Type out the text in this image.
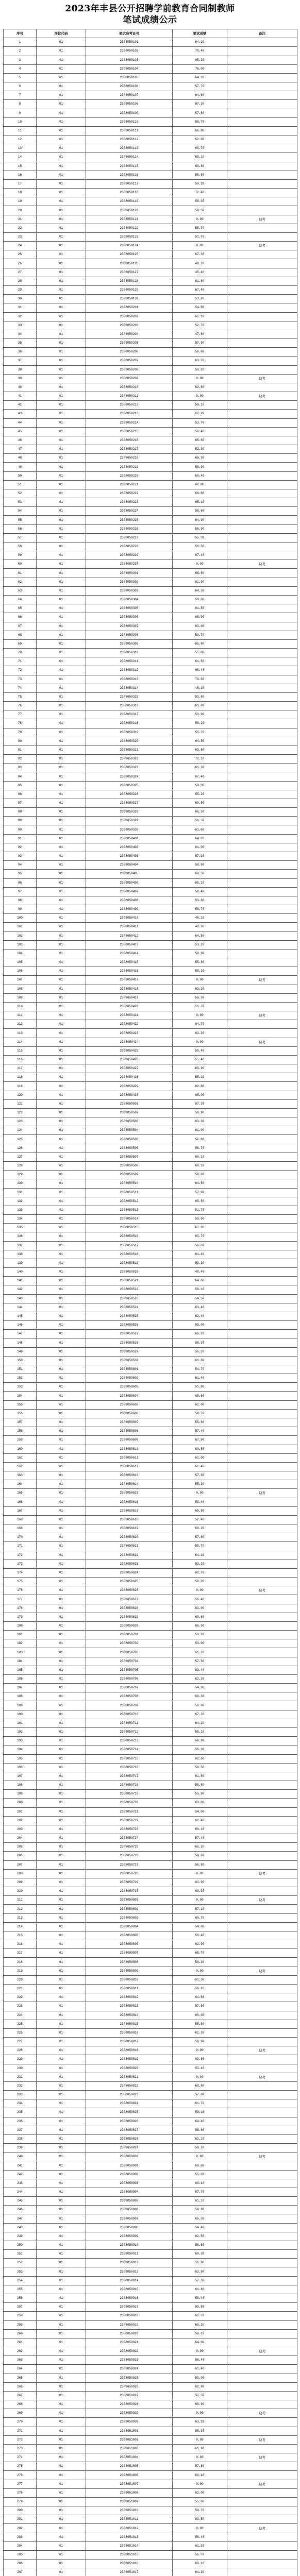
2023年丰县公开招聘学前教育合同制教师
笔试成绩公示
序号	岗位代码	笔试准考证号	笔试成绩	备注
1	01	2308050101	64.20	
2	01	2308050102	70.40	
3	01	2308050103	65.20	
4	01	2308050104	76.00	
5	01	2308050105	64.20	
6	01	2308050106	57.70	
7	01	2308050107	64.60	
8	01	2308050108	67.30	
9	01	2308050109	57.80	
10	01	2308050110	59.70	
11	01	2308050111	66.80	
12	01	2308050112	62.00	
13	01	2308050113	60.70	
14	01	2308050114	69.10	
15	01	2308050115	60.80	
16	01	2308050116	55.50	
17	01	2308050117	59.20	
18	01	2308050118	72.40	
19	01	2308050119	58.30	
20	01	2308050120	59.50	
21	01	2308050121	0.00	缺考
22	01	2308050122	55.70	
23	01	2308050123	51.70	
24	01	2308050124	0.00	缺考
25	01	2308050125	67.30	
26	01	2308050126	49.20	
27	01	2308050127	45.40	
28	01	2308050128	61.60	
29	01	2308050129	67.40	
30	01	2308050130	53.20	
31	01	2308050201	54.80	
32	01	2308050202	62.10	
33	01	2308050203	52.70	
34	01	2308050204	47.60	
35	01	2308050205	57.90	
36	01	2308050206	56.80	
37	01	2308050207	63.70	
38	01	2308050208	58.20	
39	01	2308050209	0.00	缺考
40	01	2308050210	62.80	
41	01	2308050211	0.00	缺考
42	01	2308050212	59.10	
43	01	2308050213	62.20	
44	01	2308050214	53.70	
45	01	2308050215	59.40	
46	01	2308050216	65.60	
47	01	2308050217	52.30	
48	01	2308050218	66.30	
49	01	2308050219	56.90	
50	01	2308050220	60.40	
51	01	2308050221	62.80	
52	01	2308050222	60.80	
53	01	2308050223	65.10	
54	01	2308050224	58.60	
55	01	2308050225	64.90	
56	01	2308050226	56.90	
57	01	2308050227	55.30	
58	01	2308050228	58.50	
59	01	2308050229	67.40	
60	01	2308050230	0.00	缺考
61	01	2308050301	66.80	
62	01	2308050302	61.90	
63	01	2308050303	64.30	
64	01	2308050304	58.60	
65	01	2308050305	61.50	
66	01	2308050306	68.90	
67	01	2308050307	63.00	
68	01	2308050308	59.70	
69	01	2308050309	65.80	
70	01	2308050310	55.80	
71	01	2308050311	61.50	
72	01	2308050312	66.40	
73	01	2308050313	70.60	
74	01	2308050314	48.20	
75	01	2308050315	53.80	
76	01	2308050316	61.80	
77	01	2308050317	53.90	
78	01	2308050318	56.20	
79	01	2308050319	55.70	
80	01	2308050320	64.50	
81	01	2308050321	63.60	
82	01	2308050322	72.10	
83	01	2308050323	61.30	
84	01	2308050324	67.40	
85	01	2308050325	59.30	
86	01	2308050326	55.20	
87	01	2308050327	60.50	
88	01	2308050328	66.30	
89	01	2308050329	56.50	
90	01	2308050330	61.60	
91	01	2308050401	64.20	
92	01	2308050402	61.00	
93	01	2308050403	57.20	
94	01	2308050404	58.90	
95	01	2308050405	60.50	
96	01	2308050406	65.10	
97	01	2308050407	59.40	
98	01	2308050408	53.60	
99	01	2308050409	59.70	
100	01	2308050410	48.10	
101	01	2308050411	48.80	
102	01	2308050412	64.50	
103	01	2308050413	53.20	
104	01	2308050414	59.90	
105	01	2308050415	55.80	
106	01	2308050416	59.20	
107	01	2308050417	0.00	缺考
108	01	2308050418	63.20	
109	01	2308050419	56.30	
110	01	2308050420	51.70	
111	01	2308050421	0.00	缺考
112	01	2308050422	64.70	
113	01	2308050423	62.20	
114	01	2308050424	0.00	缺考
115	01	2308050425	59.40	
116	01	2308050426	55.40	
117	01	2308050427	60.90	
118	01	2308050428	55.10	
119	01	2308050429	62.80	
120	01	2308050430	65.00	
121	01	2308050501	57.30	
122	01	2308050502	59.90	
123	01	2308050503	63.30	
124	01	2308050504	61.00	
125	01	2308050505	52.80	
126	01	2308050506	56.70	
127	01	2308050507	60.10	
128	01	2308050508	68.10	
129	01	2308050509	59.80	
130	01	2308050510	64.50	
131	01	2308050511	57.90	
132	01	2308050512	65.50	
133	01	2308050513	51.70	
134	01	2308050514	58.60	
135	01	2308050515	67.80	
136	01	2308050516	63.70	
137	01	2308050517	56.60	
138	01	2308050518	61.40	
139	01	2308050519	53.30	
140	01	2308050520	48.40	
141	01	2308050521	64.60	
142	01	2308050522	58.10	
143	01	2308050523	54.50	
144	01	2308050524	63.40	
145	01	2308050525	62.40	
146	01	2308050526	59.00	
147	01	2308050527	66.10	
148	01	2308050528	58.30	
149	01	2308050529	56.20	
150	01	2308050530	61.80	
151	01	2308050601	54.70	
152	01	2308050602	61.40	
153	01	2308050603	51.90	
154	01	2308050604	65.60	
155	01	2308050605	62.00	
156	01	2308050606	59.70	
157	01	2308050607	55.60	
158	01	2308050608	57.40	
159	01	2308050609	67.90	
160	01	2308050610	60.50	
161	01	2308050611	61.00	
162	01	2308050612	62.40	
163	01	2308050613	57.90	
164	01	2308050614	55.30	
165	01	2308050615	0.00	缺考
166	01	2308050616	59.40	
167	01	2308050617	65.90	
168	01	2308050618	52.40	
169	01	2308050619	60.20	
170	01	2308050620	57.80	
171	01	2308050621	58.70	
172	01	2308050622	64.10	
173	01	2308050623	53.20	
174	01	2308050624	62.70	
175	01	2308050625	59.20	
176	01	2308050626	0.00	缺考
177	01	2308050627	56.40	
178	01	2308050628	63.00	
179	01	2308050629	60.60	
180	01	2308050630	66.50	
181	01	2308050701	58.10	
182	01	2308050702	53.00	
183	01	2308050703	61.20	
184	01	2308050704	57.50	
185	01	2308050705	63.40	
186	01	2308050706	62.20	
187	01	2308050707	54.90	
188	01	2308050708	60.30	
189	01	2308050709	58.00	
190	01	2308050710	67.20	
191	01	2308050711	64.20	
192	01	2308050712	55.10	
193	01	2308050713	60.90	
194	01	2308050714	56.30	
195	01	2308050715	62.60	
196	01	2308050716	59.50	
197	01	2308050717	61.80	
198	01	2308050718	58.80	
199	01	2308050719	55.90	
200	01	2308050720	63.80	
201	01	2308050721	54.00	
202	01	2308050722	62.40	
203	01	2308050723	60.10	
204	01	2308050724	57.40	
205	01	2308050725	65.20	
206	01	2308050726	59.60	
207	01	2308050727	56.80	
208	01	2308050728	0.00	缺考
209	01	2308050729	61.90	
210	01	2308050730	63.30	
211	01	2308050801	0.00	缺考
212	01	2308050802	57.10	
213	01	2308050803	60.70	
214	01	2308050804	54.60	
215	01	2308050805	58.40	
216	01	2308050806	62.90	
217	01	2308050807	65.70	
218	01	2308050808	59.30	
219	01	2308050809	0.00	缺考
220	01	2308050810	61.30	
221	01	2308050811	56.10	
222	01	2308050812	64.80	
223	01	2308050813	57.60	
224	01	2308050814	60.00	
225	01	2308050815	55.50	
226	01	2308050816	62.30	
227	01	2308050817	58.90	
228	01	2308050818	0.00	缺考
229	01	2308050819	63.60	
230	01	2308050820	53.40	
231	01	2308050821	0.00	缺考
232	01	2308050822	60.80	
233	01	2308050823	57.00	
234	01	2308050824	61.70	
235	01	2308050825	59.10	
236	01	2308050826	64.40	
237	01	2308050827	56.60	
238	01	2308050828	62.10	
239	01	2308050829	58.20	
240	01	2308050830	0.00	缺考
241	01	2308050901	60.60	
242	01	2308050902	55.20	
243	01	2308050903	63.10	
244	01	2308050904	57.70	
245	01	2308050905	61.10	
246	01	2308050906	59.90	
247	01	2308050907	65.30	
248	01	2308050908	54.40	
249	01	2308050909	62.50	
250	01	2308050910	58.60	
251	01	2308050911	60.30	
252	01	2308050912	56.90	
253	01	2308050913	63.90	
254	01	2308050914	57.30	
255	01	2308050915	61.60	
256	01	2308050916	59.40	
257	01	2308050917	55.80	
258	01	2308050918	62.70	
259	01	2308050919	60.20	
260	01	2308050920	58.10	
261	01	2308050921	64.00	
262	01	2308050922	0.00	缺考
263	01	2308050923	56.40	
264	01	2308050924	61.40	
265	01	2308050925	59.00	
266	01	2308050926	62.80	
267	01	2308050927	57.50	
268	01	2308050928	60.90	
269	01	2308050929	0.00	缺考
270	01	2308050930	63.20	
271	01	2308051001	58.30	
272	01	2308051002	0.00	缺考
273	01	2308051003	61.90	
274	01	2308051004	0.00	缺考
275	01	2308051005	57.80	
276	01	2308051006	60.40	
277	01	2308051007	0.00	缺考
278	01	2308051008	62.00	
279	01	2308051009	55.60	
280	01	2308051010	59.70	
281	01	2308051011	63.50	
282	01	2308051012	0.00	缺考
283	01	2308051013	58.40	
284	01	2308051014	61.20	
285	01	2308051015	56.70	
286	01	2308051016	60.10	
287	01	2308051017	64.30	
